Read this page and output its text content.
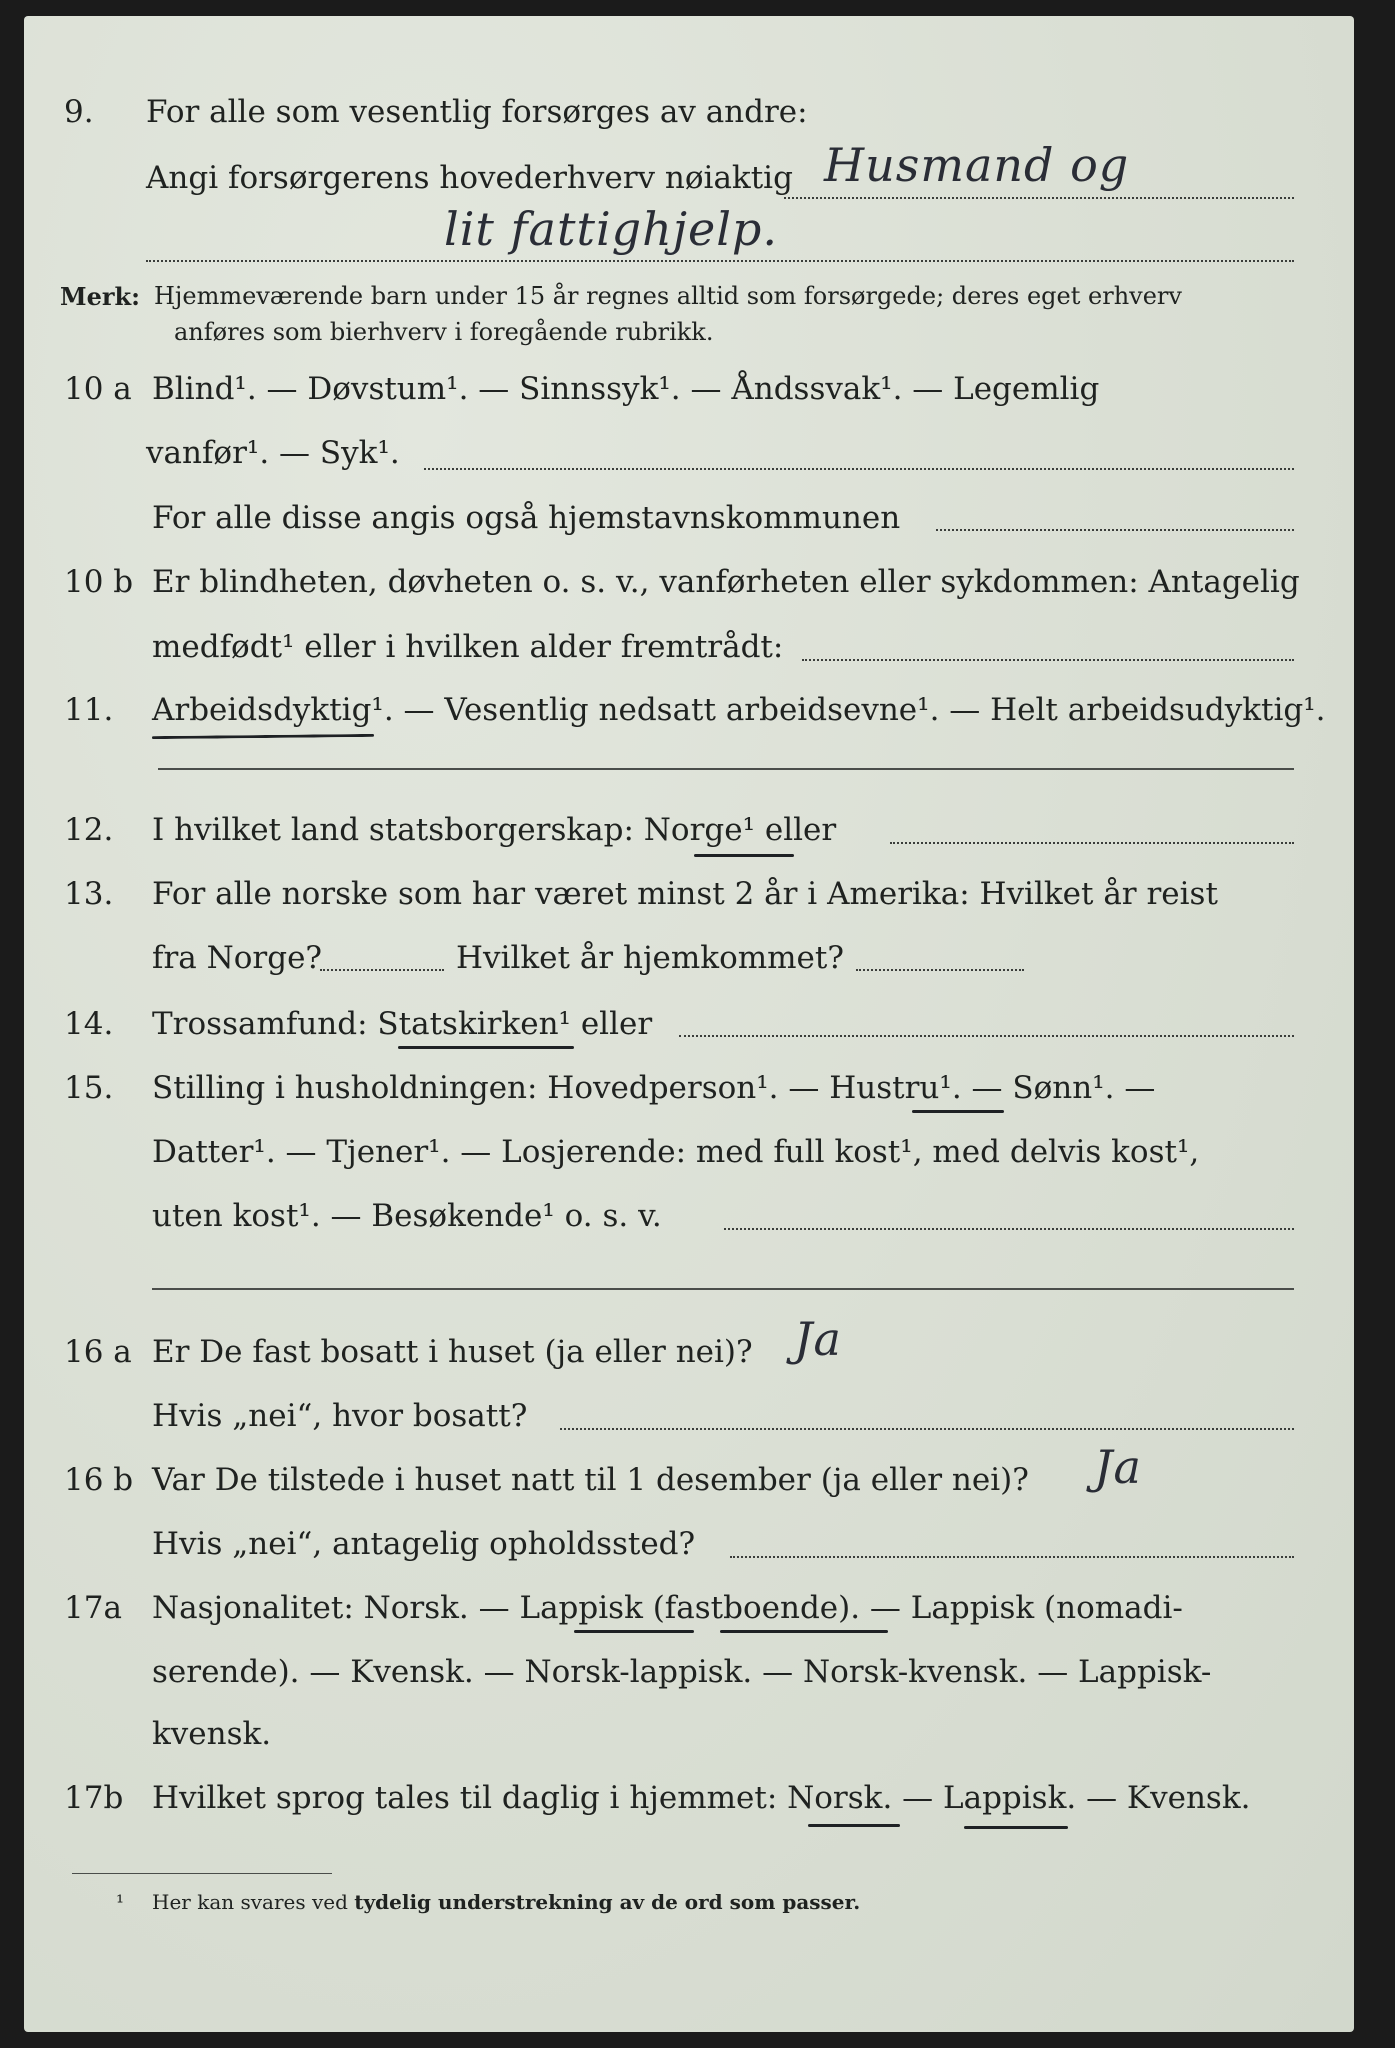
9. For alle som vesentlig forsørges av andre:
Angi forsørgerens hovederhverv nøiaktig Husmand og
lit fattighjelp.
Merk: Hjemmeværende barn under 15 år regnes alltid som forsørgede; deres eget erhverv
anføres som bierhverv i foregående rubrikk.
10 a Blind¹. — Døvstum¹. — Sinnssyk¹. — Åndssvak¹. — Legemlig
vanfør¹. — Syk¹.
For alle disse angis også hjemstavnskommunen
10 b Er blindheten, døvheten o. s. v., vanførheten eller sykdommen: Antagelig
medfødt¹ eller i hvilken alder fremtrådt:
11. Arbeidsdyktig¹. — Vesentlig nedsatt arbeidsevne¹. — Helt arbeidsudyktig¹.
12. I hvilket land statsborgerskap: Norge¹ eller
13. For alle norske som har været minst 2 år i Amerika: Hvilket år reist
fra Norge?	Hvilket år hjemkommet?
14. Trossamfund: Statskirken¹ eller
15. Stilling i husholdningen: Hovedperson¹. — Hustru¹. — Sønn¹. —
Datter¹. — Tjener¹. — Losjerende: med full kost¹, med delvis kost¹,
uten kost¹. — Besøkende¹ o. s. v.
16 a Er De fast bosatt i huset (ja eller nei)? Ja
Hvis „nei“, hvor bosatt?
16 b Var De tilstede i huset natt til 1 desember (ja eller nei)? Ja
Hvis „nei“, antagelig opholdssted?
17a Nasjonalitet: Norsk. — Lappisk (fastboende). — Lappisk (nomadi-
serende). — Kvensk. — Norsk-lappisk. — Norsk-kvensk. — Lappisk-
kvensk.
17b Hvilket sprog tales til daglig i hjemmet: Norsk. — Lappisk. — Kvensk.
¹ Her kan svares ved tydelig understrekning av de ord som passer.
